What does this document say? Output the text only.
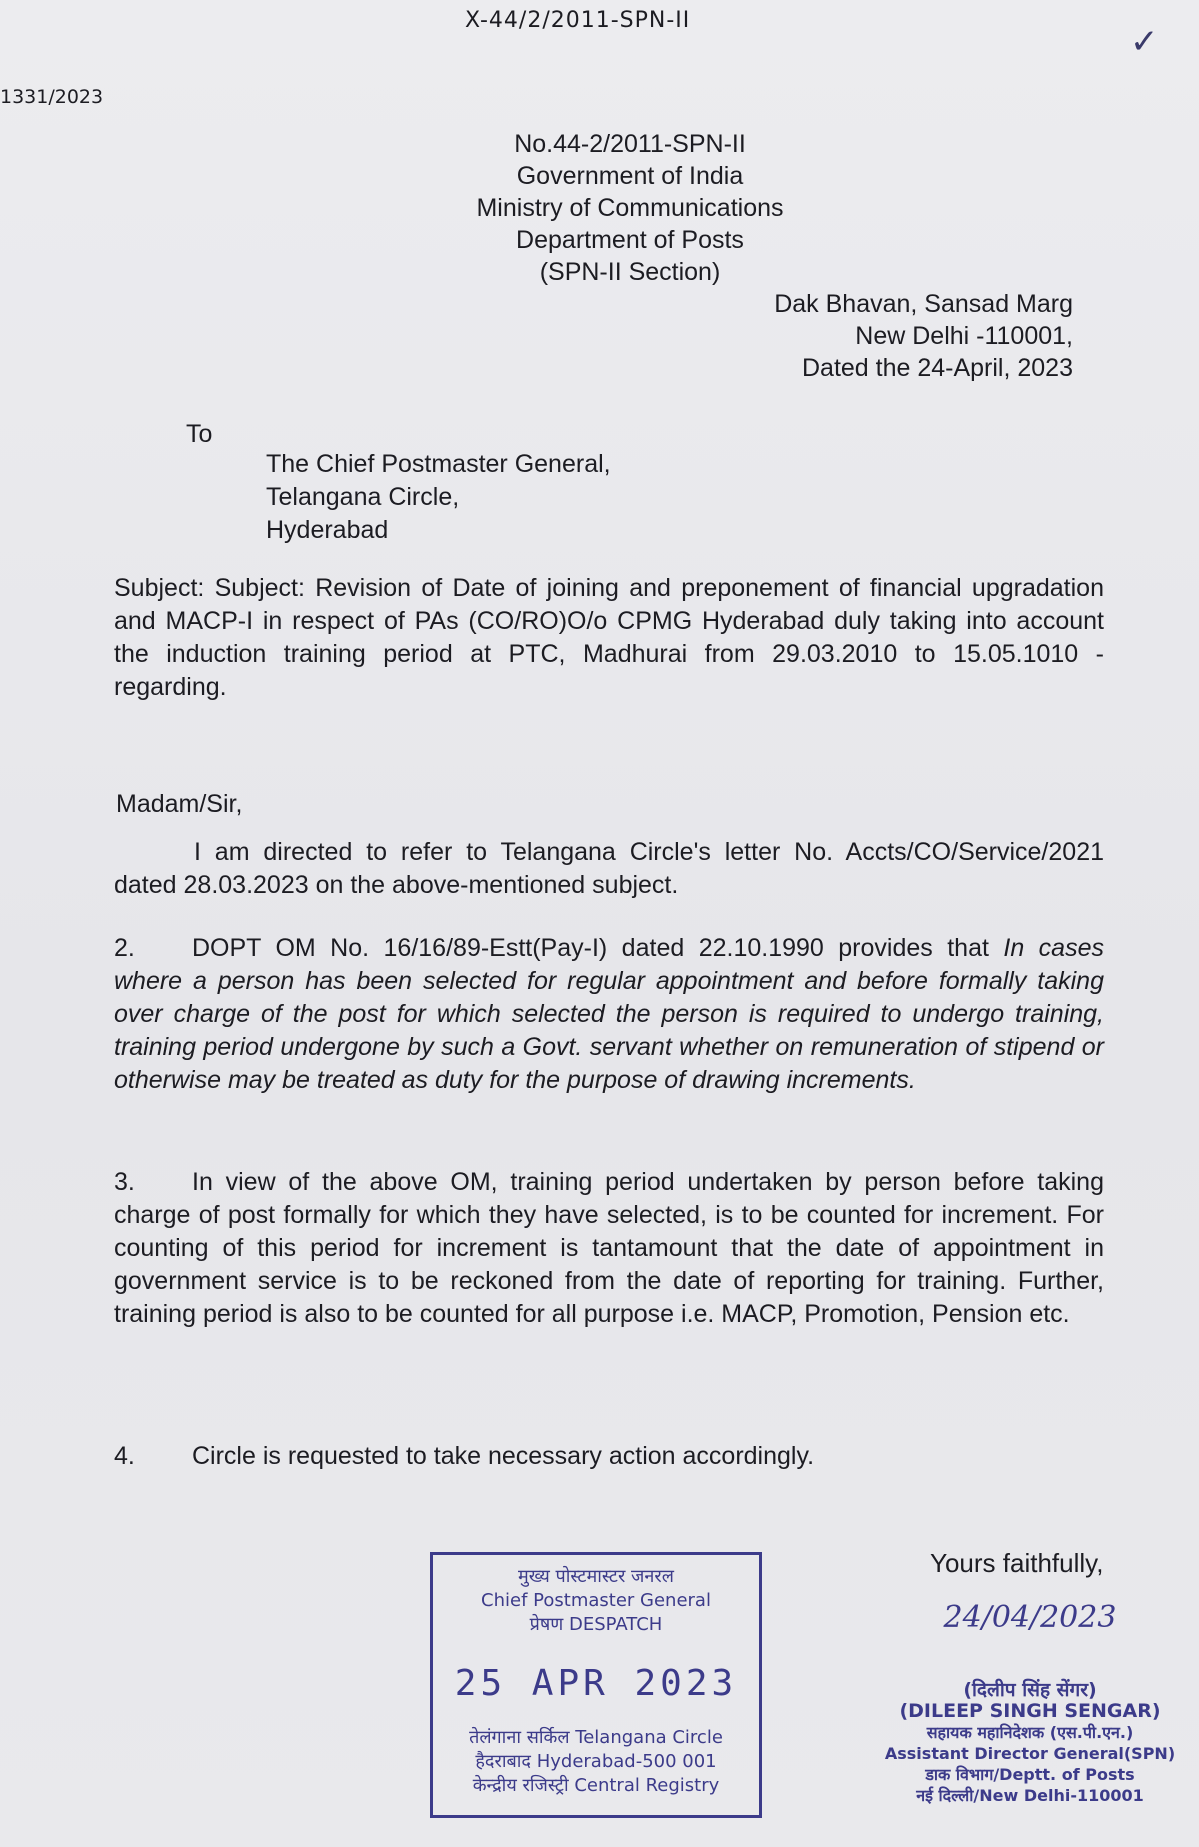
X-44/2/2011-SPN-II
1331/2023
✓
No.44-2/2011-SPN-II
Government of India
Ministry of Communications
Department of Posts
(SPN-II Section)
Dak Bhavan, Sansad Marg
New Delhi -110001,
Dated the 24-April, 2023
To
The Chief Postmaster General,
Telangana Circle,
Hyderabad
Subject: Subject: Revision of Date of joining and preponement of financial upgradation and MACP-I in respect of PAs (CO/RO)O/o CPMG Hyderabad duly taking into account the induction training period at PTC, Madhurai from 29.03.2010 to 15.05.1010 - regarding.
Madam/Sir,
I am directed to refer to Telangana Circle's letter No. Accts/CO/Service/2021 dated 28.03.2023 on the above-mentioned subject.
2. DOPT OM No. 16/16/89-Estt(Pay-I) dated 22.10.1990 provides that In cases where a person has been selected for regular appointment and before formally taking over charge of the post for which selected the person is required to undergo training, training period undergone by such a Govt. servant whether on remuneration of stipend or otherwise may be treated as duty for the purpose of drawing increments.
3. In view of the above OM, training period undertaken by person before taking charge of post formally for which they have selected, is to be counted for increment. For counting of this period for increment is tantamount that the date of appointment in government service is to be reckoned from the date of reporting for training. Further, training period is also to be counted for all purpose i.e. MACP, Promotion, Pension etc.
4. Circle is requested to take necessary action accordingly.
Yours faithfully,
मुख्य पोस्टमास्टर जनरल
Chief Postmaster General
प्रेषण DESPATCH
25 APR 2023
तेलंगाना सर्किल Telangana Circle
हैदराबाद Hyderabad-500 001
केन्द्रीय रजिस्ट्री Central Registry
24/04/2023
(दिलीप सिंह सेंगर)
(DILEEP SINGH SENGAR)
सहायक महानिदेशक (एस.पी.एन.)
Assistant Director General(SPN)
डाक विभाग/Deptt. of Posts
नई दिल्ली/New Delhi-110001
